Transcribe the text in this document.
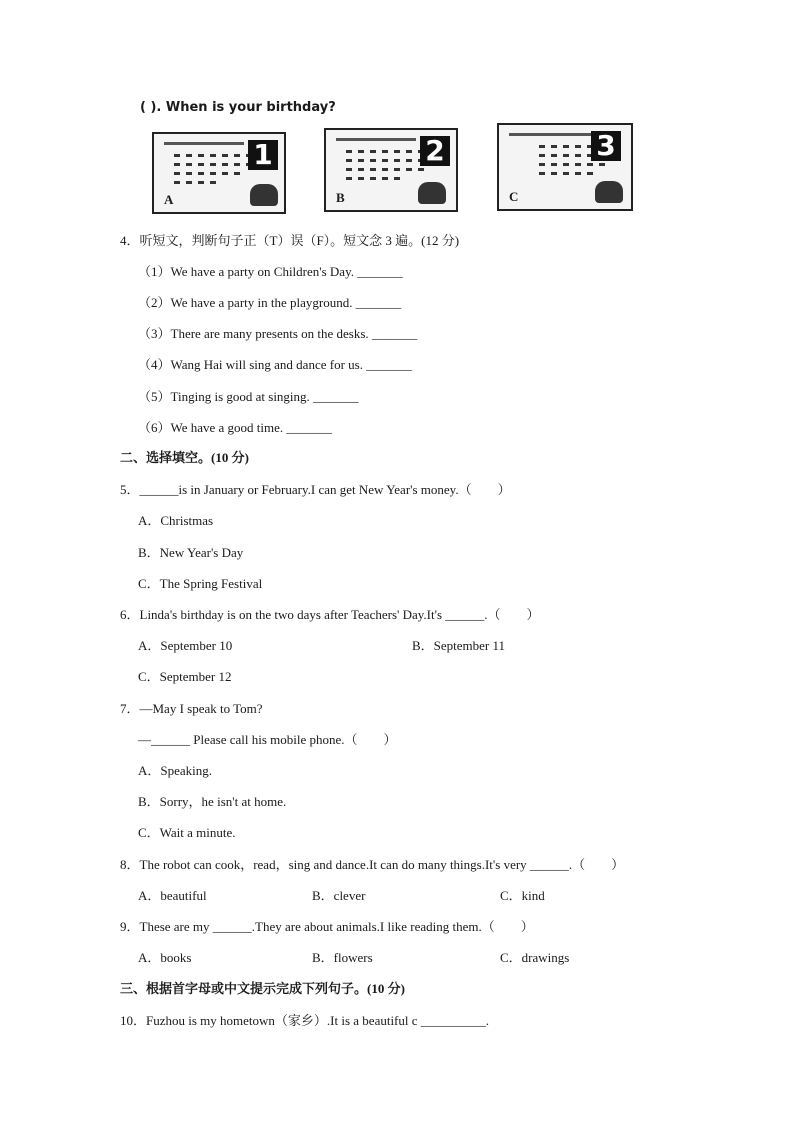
( ). When is your birthday?
1
A
2
B
3
C
4．听短文，判断句子正（T）误（F）。短文念 3 遍。(12 分)
（1）We have a party on Children's Day. _______
（2）We have a party in the playground. _______
（3）There are many presents on the desks. _______
（4）Wang Hai will sing and dance for us. _______
（5）Tinging is good at singing. _______
（6）We have a good time. _______
二、选择填空。(10 分)
5．______is in January or February.I can get New Year's money.（　　）
A．Christmas
B．New Year's Day
C．The Spring Festival
6．Linda's birthday is on the two days after Teachers' Day.It's ______.（　　）
A．September 10	B．September 11
C．September 12
7．—May I speak to Tom?
—______ Please call his mobile phone.（　　）
A．Speaking.
B．Sorry，he isn't at home.
C．Wait a minute.
8．The robot can cook，read，sing and dance.It can do many things.It's very ______.（　　）
A．beautiful	B．clever	C．kind
9．These are my ______.They are about animals.I like reading them.（　　）
A．books	B．flowers	C．drawings
三、根据首字母或中文提示完成下列句子。(10 分)
10．Fuzhou is my hometown（家乡）.It is a beautiful c __________.
